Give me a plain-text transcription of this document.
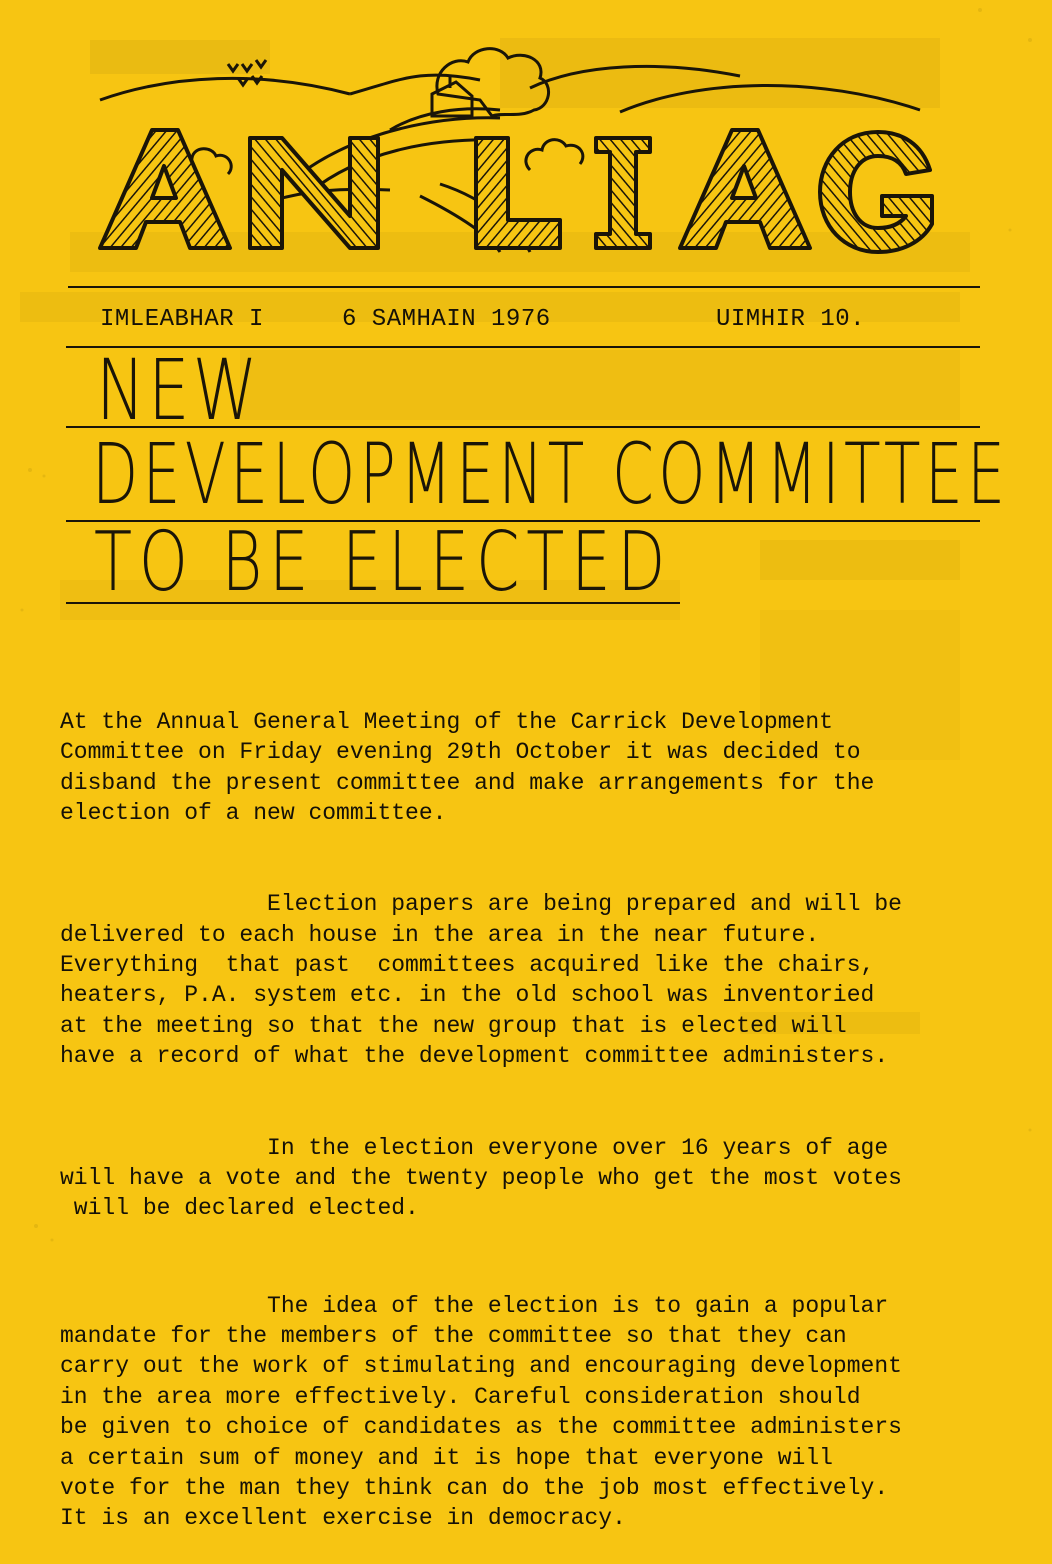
IMLEABHAR I	6 SAMHAIN 1976	UIMHIR 10.
NEW
DEVELOPMENT COMMITTEE
TO BE ELECTED

At the Annual General Meeting of the Carrick Development
Committee on Friday evening 29th October it was decided to
disband the present committee and make arrangements for the
election of a new committee.

Election papers are being prepared and will be
delivered to each house in the area in the near future.
Everything  that past  committees acquired like the chairs,
heaters, P.A. system etc. in the old school was inventoried
at the meeting so that the new group that is elected will
have a record of what the development committee administers.

In the election everyone over 16 years of age
will have a vote and the twenty people who get the most votes
will be declared elected.

The idea of the election is to gain a popular
mandate for the members of the committee so that they can
carry out the work of stimulating and encouraging development
in the area more effectively. Careful consideration should
be given to choice of candidates as the committee administers
a certain sum of money and it is hope that everyone will
vote for the man they think can do the job most effectively.
It is an excellent exercise in democracy.
